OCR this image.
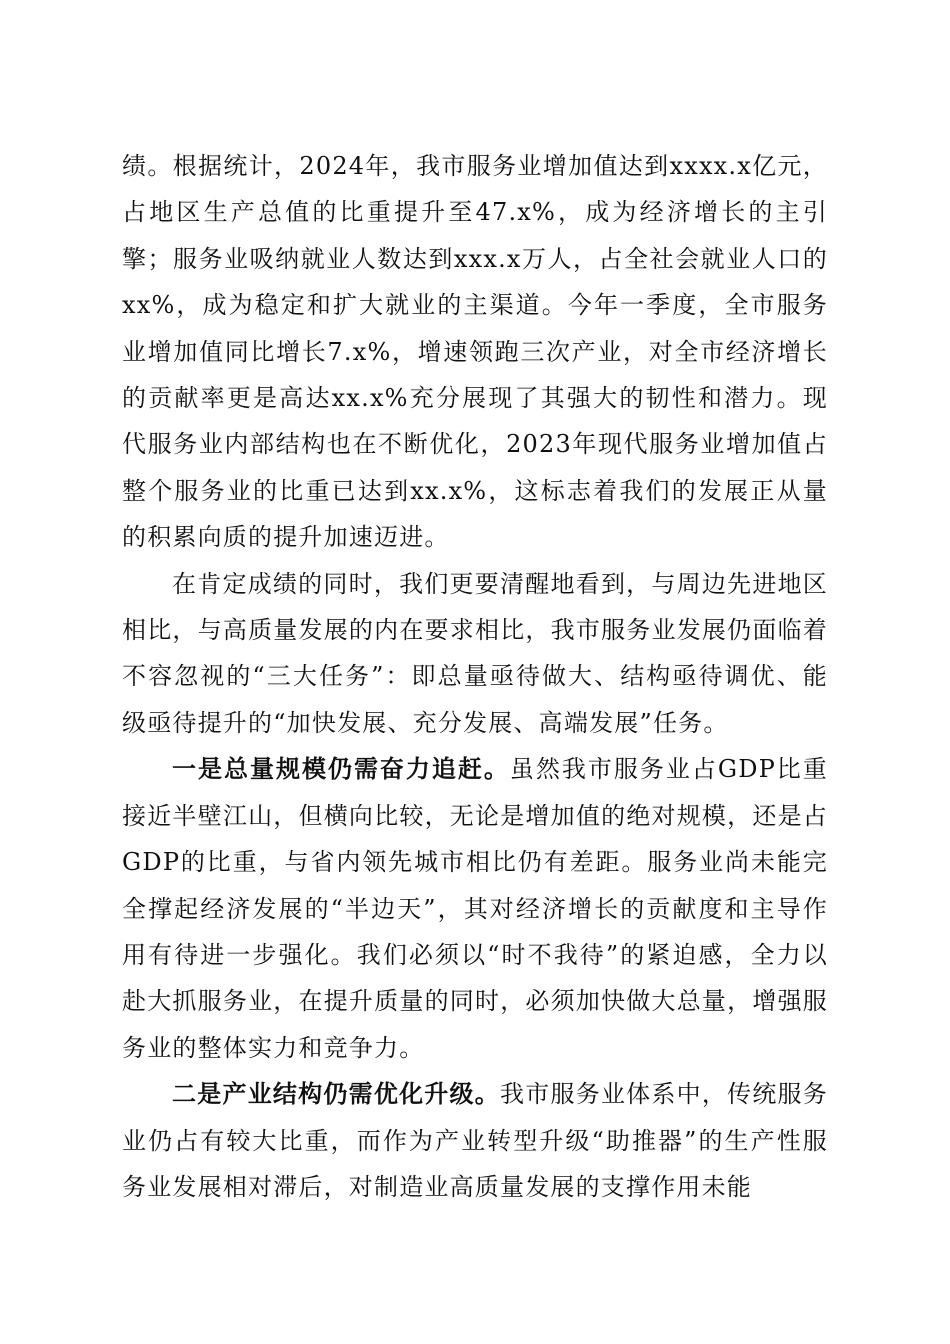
绩。根据统计，2024年，我市服务业增加值达到xxxx.x亿元，占地区生产总值的比重提升至47.x%，成为经济增长的主引擎；服务业吸纳就业人数达到xxx.x万人，占全社会就业人口的xx%，成为稳定和扩大就业的主渠道。今年一季度，全市服务业增加值同比增长7.x%，增速领跑三次产业，对全市经济增长的贡献率更是高达xx.x%充分展现了其强大的韧性和潜力。现代服务业内部结构也在不断优化，2023年现代服务业增加值占整个服务业的比重已达到xx.x%，这标志着我们的发展正从量的积累向质的提升加速迈进。

在肯定成绩的同时，我们更要清醒地看到，与周边先进地区相比，与高质量发展的内在要求相比，我市服务业发展仍面临着不容忽视的“三大任务”：即总量亟待做大、结构亟待调优、能级亟待提升的“加快发展、充分发展、高端发展”任务。

一是总量规模仍需奋力追赶。虽然我市服务业占GDP比重接近半壁江山，但横向比较，无论是增加值的绝对规模，还是占GDP的比重，与省内领先城市相比仍有差距。服务业尚未能完全撑起经济发展的“半边天”，其对经济增长的贡献度和主导作用有待进一步强化。我们必须以“时不我待”的紧迫感，全力以赴大抓服务业，在提升质量的同时，必须加快做大总量，增强服务业的整体实力和竞争力。

二是产业结构仍需优化升级。我市服务业体系中，传统服务业仍占有较大比重，而作为产业转型升级“助推器”的生产性服务业发展相对滞后，对制造业高质量发展的支撑作用未能
